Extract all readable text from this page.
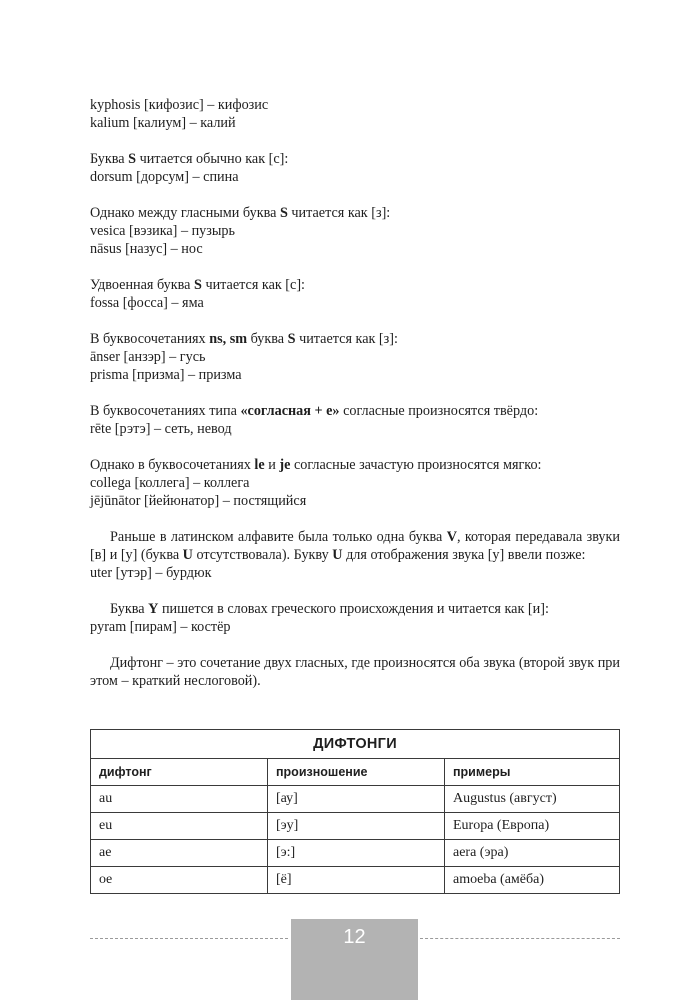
kyphosis [кифозис] – кифозис

kalium [калиум] – калий

Буква S читается обычно как [с]:

dorsum [дорсум] – спина

Однако между гласными буква S читается как [з]:

vesica [вэзика] – пузырь

nāsus [назус] – нос

Удвоенная буква S читается как [с]:

fossa [фосса] – яма

В буквосочетаниях ns, sm буква S читается как [з]:

ānser [анзэр] – гусь

prisma [призма] – призма

В буквосочетаниях типа «согласная + е» согласные произносятся твёрдо:

rēte [рэтэ] – сеть, невод

Однако в буквосочетаниях le и je согласные зачастую произносятся мягко:

collega [коллега] – коллега

jējūnātor [йейюнатор] – постящийся

Раньше в латинском алфавите была только одна буква V, которая передавала звуки [в] и [у] (буква U отсутствовала). Букву U для отображения звука [у] ввели позже:

uter [утэр] – бурдюк

Буква Y пишется в словах греческого происхождения и читается как [и]:

pyram [пирам] – костёр

Дифтонг – это сочетание двух гласных, где произносятся оба звука (второй звук при этом – краткий неслоговой).

ДИФТОНГИ		
дифтонг	произношение	примеры
au	[ау]	Augustus (август)
eu	[эу]	Europa (Европа)
ae	[э:]	aera (эра)
oe	[ё]	amoeba (амёба)
12
